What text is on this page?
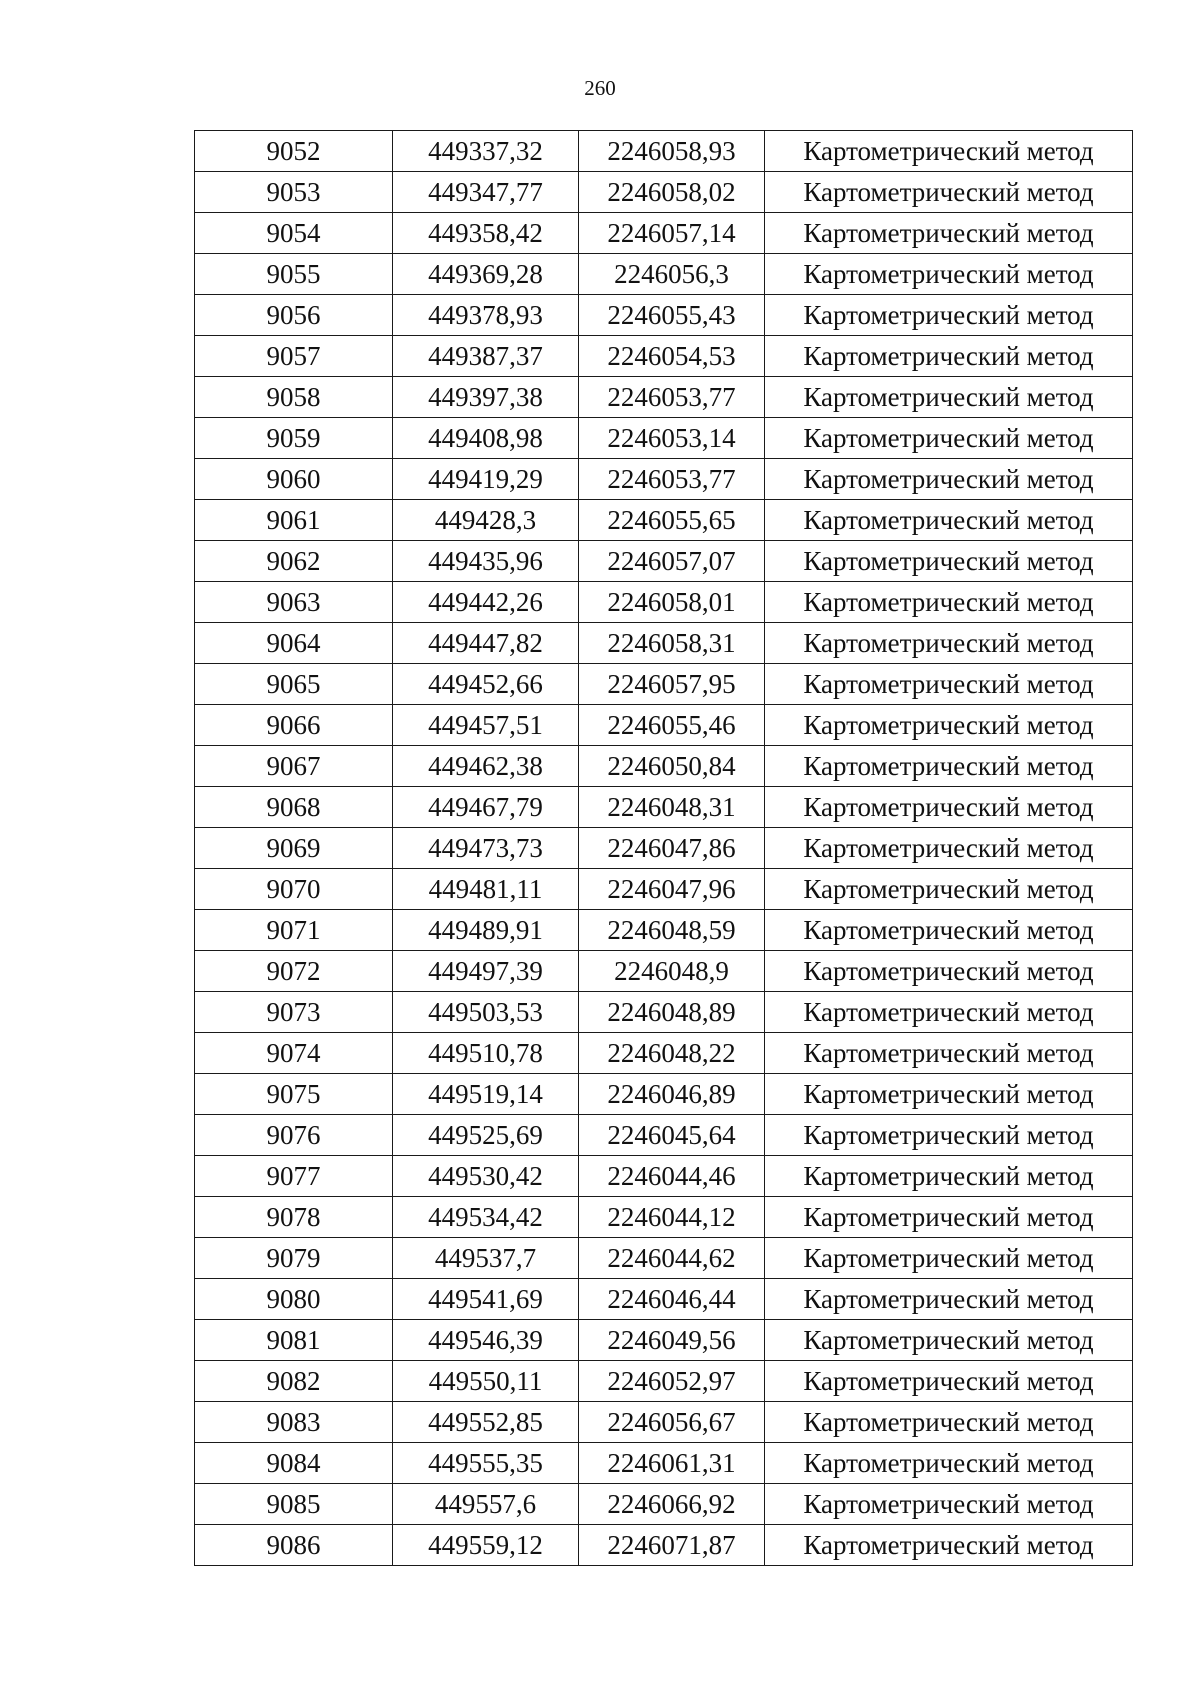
260
9052	449337,32	2246058,93	Картометрический метод
9053	449347,77	2246058,02	Картометрический метод
9054	449358,42	2246057,14	Картометрический метод
9055	449369,28	2246056,3	Картометрический метод
9056	449378,93	2246055,43	Картометрический метод
9057	449387,37	2246054,53	Картометрический метод
9058	449397,38	2246053,77	Картометрический метод
9059	449408,98	2246053,14	Картометрический метод
9060	449419,29	2246053,77	Картометрический метод
9061	449428,3	2246055,65	Картометрический метод
9062	449435,96	2246057,07	Картометрический метод
9063	449442,26	2246058,01	Картометрический метод
9064	449447,82	2246058,31	Картометрический метод
9065	449452,66	2246057,95	Картометрический метод
9066	449457,51	2246055,46	Картометрический метод
9067	449462,38	2246050,84	Картометрический метод
9068	449467,79	2246048,31	Картометрический метод
9069	449473,73	2246047,86	Картометрический метод
9070	449481,11	2246047,96	Картометрический метод
9071	449489,91	2246048,59	Картометрический метод
9072	449497,39	2246048,9	Картометрический метод
9073	449503,53	2246048,89	Картометрический метод
9074	449510,78	2246048,22	Картометрический метод
9075	449519,14	2246046,89	Картометрический метод
9076	449525,69	2246045,64	Картометрический метод
9077	449530,42	2246044,46	Картометрический метод
9078	449534,42	2246044,12	Картометрический метод
9079	449537,7	2246044,62	Картометрический метод
9080	449541,69	2246046,44	Картометрический метод
9081	449546,39	2246049,56	Картометрический метод
9082	449550,11	2246052,97	Картометрический метод
9083	449552,85	2246056,67	Картометрический метод
9084	449555,35	2246061,31	Картометрический метод
9085	449557,6	2246066,92	Картометрический метод
9086	449559,12	2246071,87	Картометрический метод
